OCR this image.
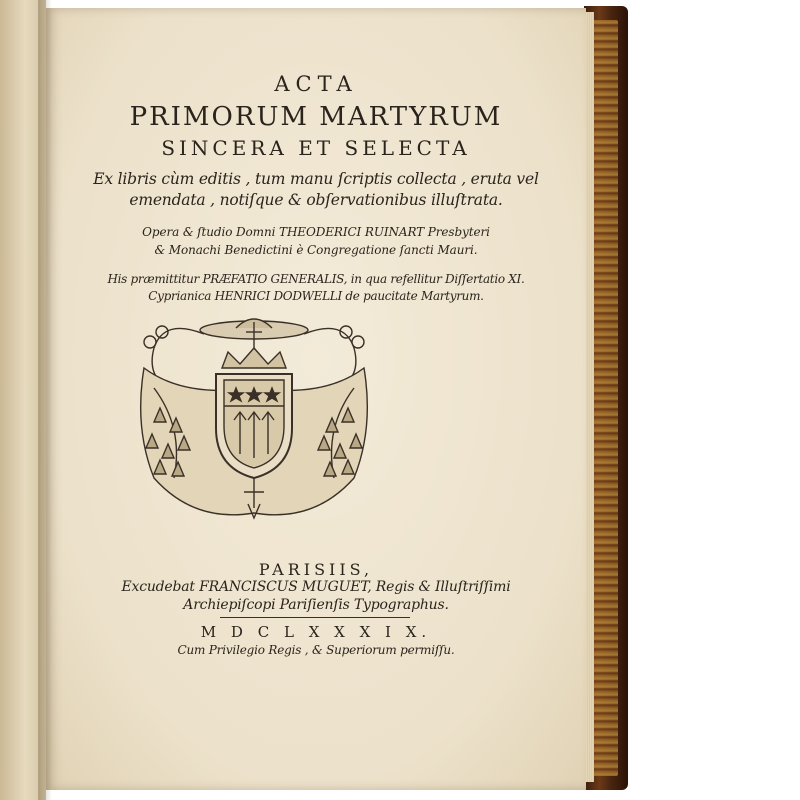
ACTA
PRIMORUM MARTYRUM
SINCERA ET SELECTA
Ex libris cùm editis , tum manu ſcriptis collecta , eruta vel
emendata , notiſque & obſervationibus illuſtrata.
Opera & ſtudio Domni THEODERICI RUINART Presbyteri
& Monachi Benedictini è Congregatione ſancti Mauri.
His præmittitur PRÆFATIO GENERALIS, in qua refellitur Diſſertatio XI.
Cyprianica HENRICI DODWELLI de paucitate Martyrum.
PARISIIS,
Excudebat FRANCISCUS MUGUET, Regis & Illuſtriſſimi
Archiepiſcopi Pariſienſis Typographus.
M D C L X X X I X.
Cum Privilegio Regis , & Superiorum permiſſu.
